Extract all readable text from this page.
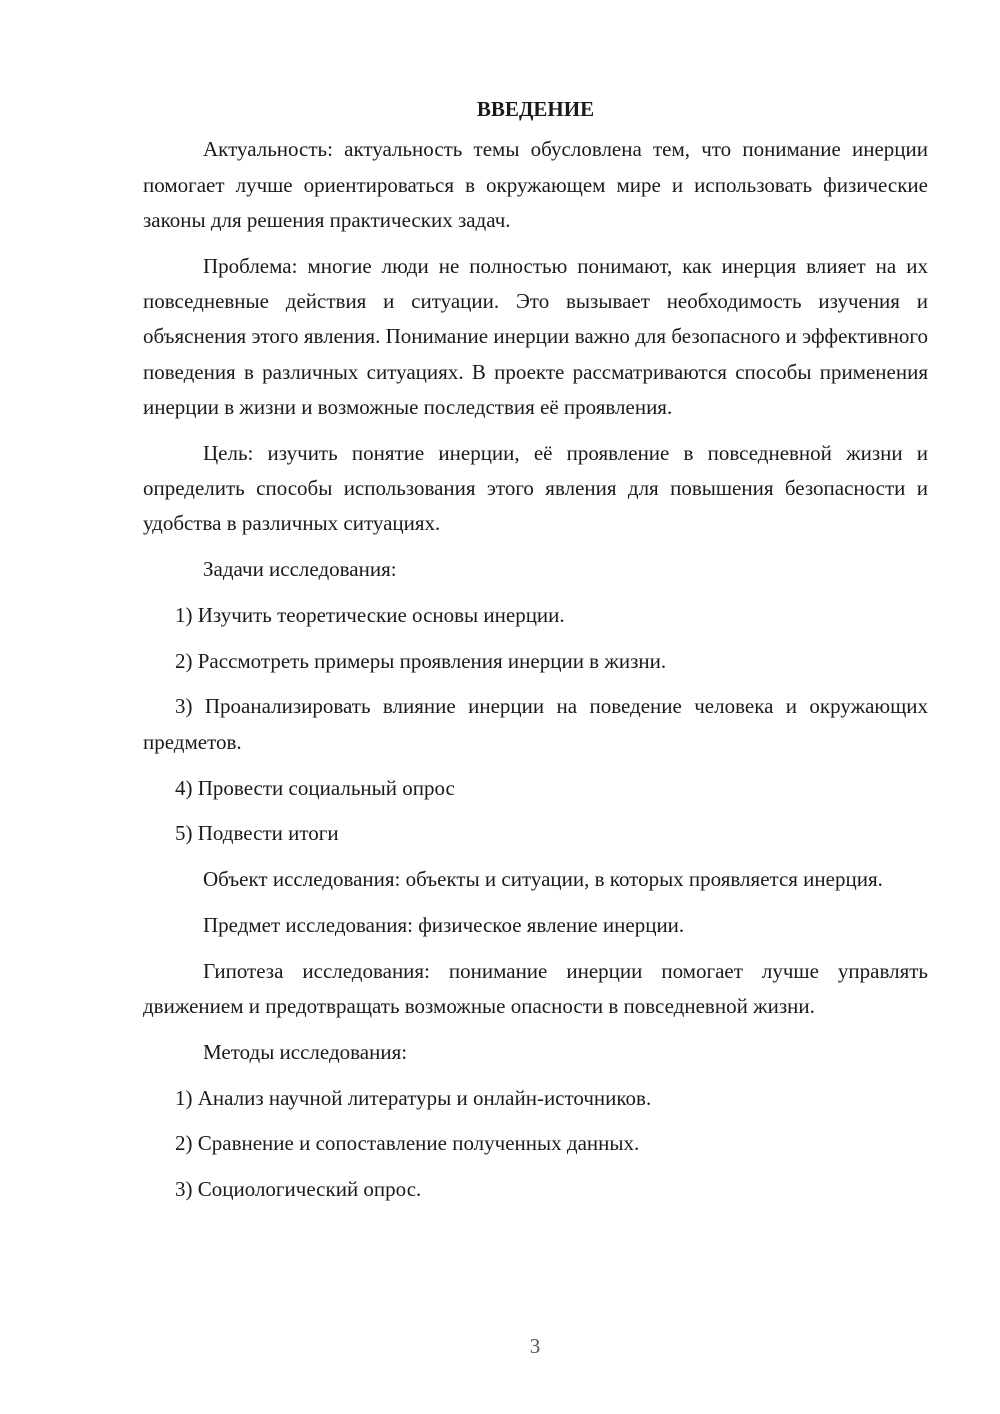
ВВЕДЕНИЕ

Актуальность: актуальность темы обусловлена тем, что понимание инерции помогает лучше ориентироваться в окружающем мире и использовать физические законы для решения практических задач.

Проблема: многие люди не полностью понимают, как инерция влияет на их повседневные действия и ситуации. Это вызывает необходимость изучения и объяснения этого явления. Понимание инерции важно для безопасного и эффективного поведения в различных ситуациях. В проекте рассматриваются способы применения инерции в жизни и возможные последствия её проявления.

Цель: изучить понятие инерции, её проявление в повседневной жизни и определить способы использования этого явления для повышения безопасности и удобства в различных ситуациях.

Задачи исследования:

1) Изучить теоретические основы инерции.

2) Рассмотреть примеры проявления инерции в жизни.

3) Проанализировать влияние инерции на поведение человека и окружающих предметов.

4) Провести социальный опрос

5) Подвести итоги

Объект исследования: объекты и ситуации, в которых проявляется инерция.

Предмет исследования: физическое явление инерции.

Гипотеза исследования: понимание инерции помогает лучше управлять движением и предотвращать возможные опасности в повседневной жизни.

Методы исследования:

1) Анализ научной литературы и онлайн-источников.

2) Сравнение и сопоставление полученных данных.

3) Социологический опрос.

3
